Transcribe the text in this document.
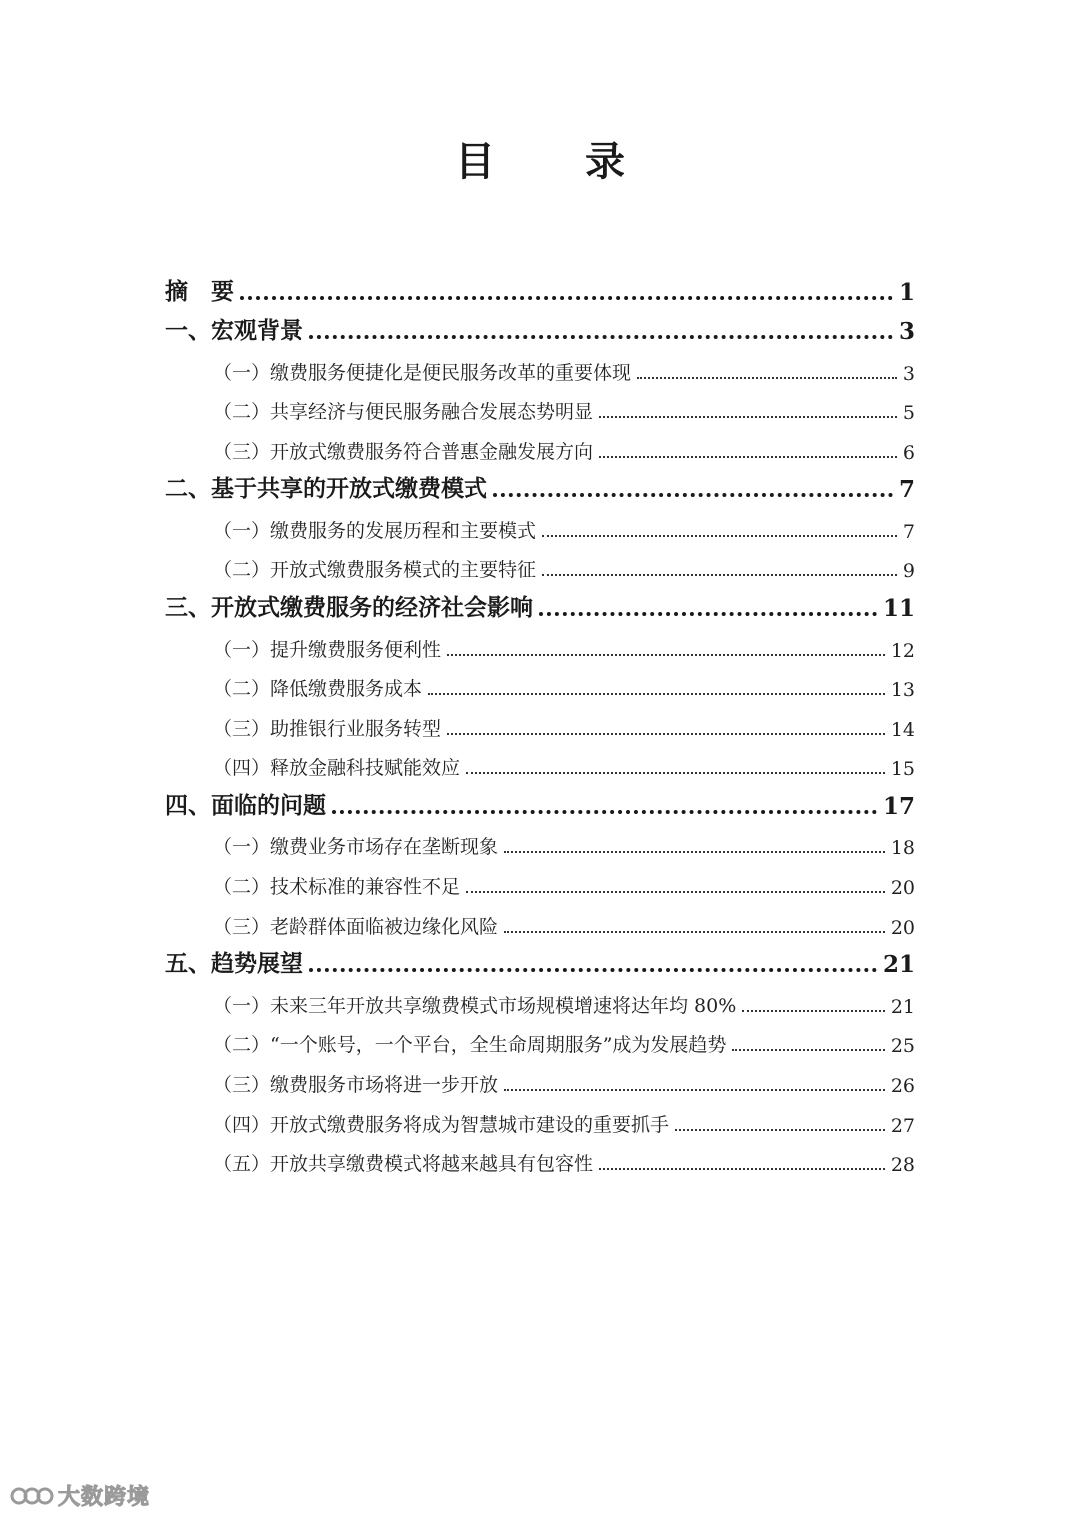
目 录
摘　要	1
一、宏观背景	3
（一）缴费服务便捷化是便民服务改革的重要体现	3
（二）共享经济与便民服务融合发展态势明显	5
（三）开放式缴费服务符合普惠金融发展方向	6
二、基于共享的开放式缴费模式	7
（一）缴费服务的发展历程和主要模式	7
（二）开放式缴费服务模式的主要特征	9
三、开放式缴费服务的经济社会影响	11
（一）提升缴费服务便利性	12
（二）降低缴费服务成本	13
（三）助推银行业服务转型	14
（四）释放金融科技赋能效应	15
四、面临的问题	17
（一）缴费业务市场存在垄断现象	18
（二）技术标准的兼容性不足	20
（三）老龄群体面临被边缘化风险	20
五、趋势展望	21
（一）未来三年开放共享缴费模式市场规模增速将达年均 80%	21
（二）“一个账号，一个平台，全生命周期服务”成为发展趋势	25
（三）缴费服务市场将进一步开放	26
（四）开放式缴费服务将成为智慧城市建设的重要抓手	27
（五）开放共享缴费模式将越来越具有包容性	28
大数跨境
